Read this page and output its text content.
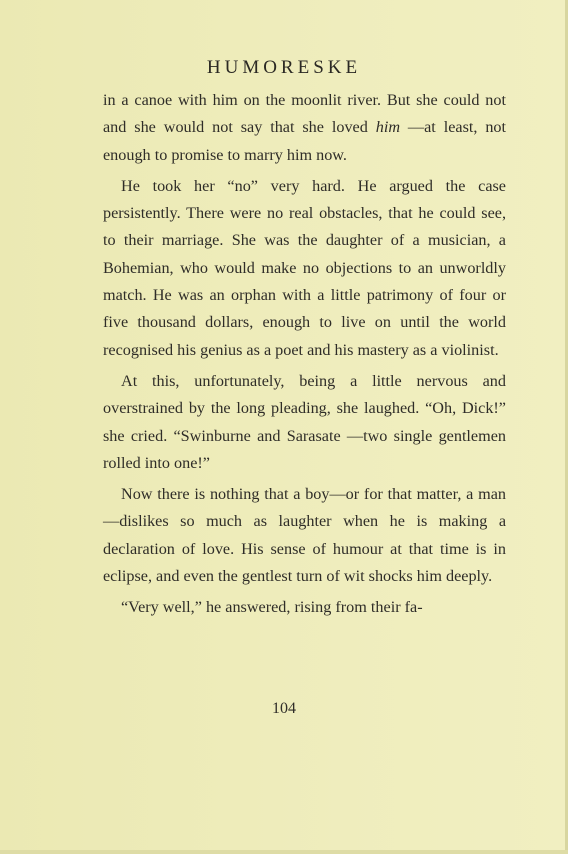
HUMORESKE

in a canoe with him on the moonlit river. But she could not and she would not say that she loved him —at least, not enough to promise to marry him now.

He took her “no” very hard. He argued the case persistently. There were no real obstacles, that he could see, to their marriage. She was the daughter of a musician, a Bohemian, who would make no objections to an unworldly match. He was an orphan with a little patrimony of four or five thousand dollars, enough to live on until the world recognised his genius as a poet and his mastery as a violinist.

At this, unfortunately, being a little nervous and overstrained by the long pleading, she laughed. “Oh, Dick!” she cried. “Swinburne and Sarasate —two single gentlemen rolled into one!”

Now there is nothing that a boy—or for that matter, a man—dislikes so much as laughter when he is making a declaration of love. His sense of humour at that time is in eclipse, and even the gentlest turn of wit shocks him deeply.

“Very well,” he answered, rising from their fa-

104
